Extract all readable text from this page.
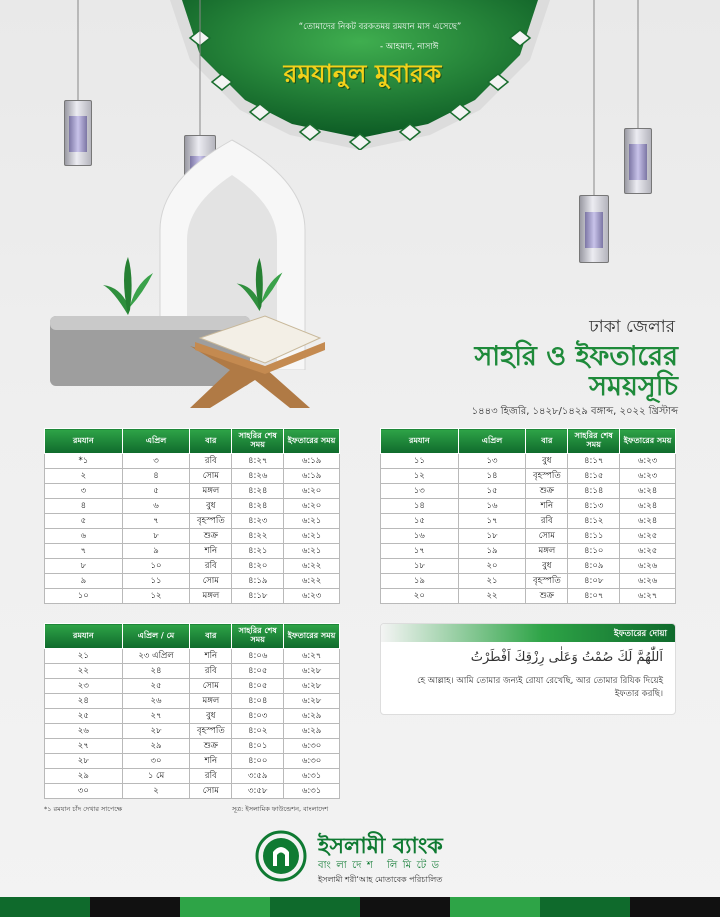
“তোমাদের নিকট বরকতময় রমযান মাস এসেছে”
- আহমাদ, নাসাঈ
রমযানুল মুবারক
ঢাকা জেলার
সাহরি ও ইফতারের
সময়সূচি
১৪৪৩ হিজরি, ১৪২৮/১৪২৯ বঙ্গাব্দ, ২০২২ খ্রিস্টাব্দ
রমযান	এপ্রিল	বার	সাহরির শেষ সময়	ইফতারের সময়
*১	৩	রবি	৪:২৭	৬:১৯
২	৪	সোম	৪:২৬	৬:১৯
৩	৫	মঙ্গল	৪:২৪	৬:২০
৪	৬	বুধ	৪:২৪	৬:২০
৫	৭	বৃহস্পতি	৪:২৩	৬:২১
৬	৮	শুক্র	৪:২২	৬:২১
৭	৯	শনি	৪:২১	৬:২১
৮	১০	রবি	৪:২০	৬:২২
৯	১১	সোম	৪:১৯	৬:২২
১০	১২	মঙ্গল	৪:১৮	৬:২৩
রমযান	এপ্রিল	বার	সাহরির শেষ সময়	ইফতারের সময়
১১	১৩	বুধ	৪:১৭	৬:২৩
১২	১৪	বৃহস্পতি	৪:১৫	৬:২৩
১৩	১৫	শুক্র	৪:১৪	৬:২৪
১৪	১৬	শনি	৪:১৩	৬:২৪
১৫	১৭	রবি	৪:১২	৬:২৪
১৬	১৮	সোম	৪:১১	৬:২৫
১৭	১৯	মঙ্গল	৪:১০	৬:২৫
১৮	২০	বুধ	৪:০৯	৬:২৬
১৯	২১	বৃহস্পতি	৪:০৮	৬:২৬
২০	২২	শুক্র	৪:০৭	৬:২৭
রমযান	এপ্রিল / মে	বার	সাহরির শেষ সময়	ইফতারের সময়
২১	২৩ এপ্রিল	শনি	৪:০৬	৬:২৭
২২	২৪	রবি	৪:০৫	৬:২৮
২৩	২৫	সোম	৪:০৫	৬:২৮
২৪	২৬	মঙ্গল	৪:০৪	৬:২৮
২৫	২৭	বুধ	৪:০৩	৬:২৯
২৬	২৮	বৃহস্পতি	৪:০২	৬:২৯
২৭	২৯	শুক্র	৪:০১	৬:৩০
২৮	৩০	শনি	৪:০০	৬:৩০
২৯	১ মে	রবি	৩:৫৯	৬:৩১
৩০	২	সোম	৩:৫৮	৬:৩১
ইফতারের দোয়া
اَللّٰهُمَّ لَكَ صُمْتُ وَعَلٰى رِزْقِكَ اَفْطَرْتُ
হে আল্লাহ। আমি তোমার জন্যই রোযা রেখেছি, আর তোমার রিযিক দিয়েই ইফতার করছি।
*১ রমযান চাঁদ দেখার সাপেক্ষে	সূত্র: ইসলামিক ফাউন্ডেশন, বাংলাদেশ
ইসলামী ব্যাংক
বাংলাদেশ লিমিটেড
ইসলামী শরী‘আহ মোতাবেক পরিচালিত
